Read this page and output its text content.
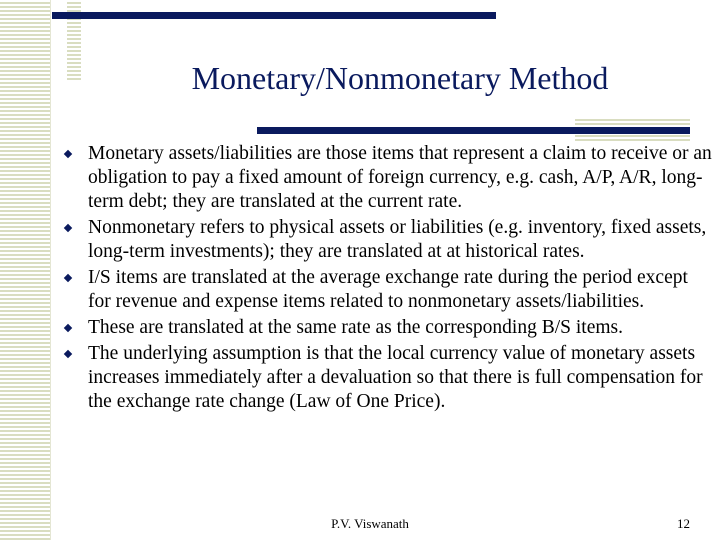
Monetary/Nonmonetary Method
Monetary assets/liabilities are those items that represent a claim to receive or an obligation to pay a fixed amount of foreign currency, e.g. cash, A/P, A/R, long-term debt; they are translated at the current rate.
Nonmonetary refers to physical assets or liabilities (e.g. inventory, fixed assets, long-term investments); they are translated at at historical rates.
I/S items are translated at the average exchange rate during the period except for revenue and expense items related to nonmonetary assets/liabilities.
These are translated at the same rate as the corresponding B/S items.
The underlying assumption is that the local currency value of monetary assets increases immediately after a devaluation so that there is full compensation for the exchange rate change (Law of One Price).
P.V. Viswanath	12
